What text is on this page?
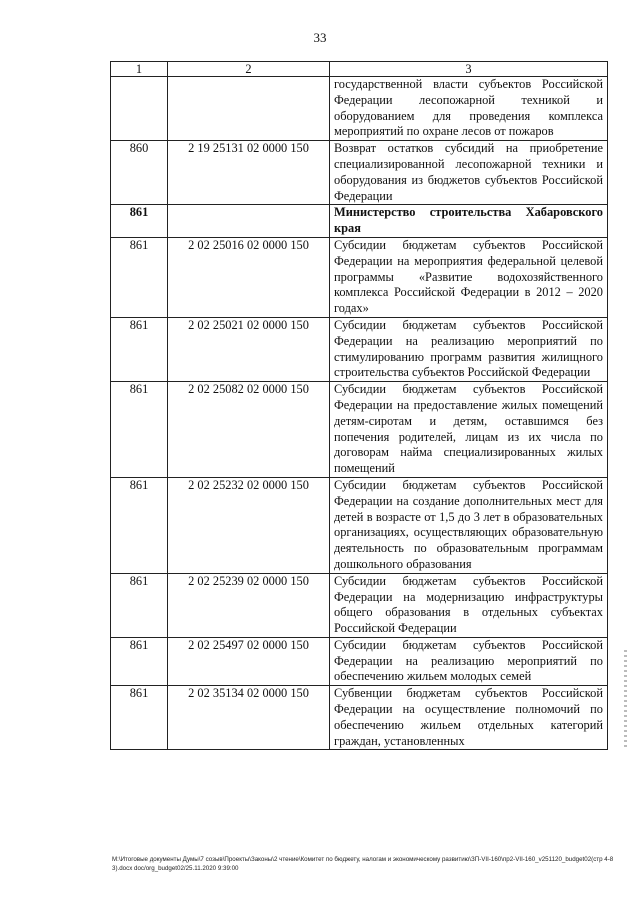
33
1	2	3
		государственной власти субъектов Российской Федерации лесопожарной техникой и оборудованием для проведения комплекса мероприятий по охране лесов от пожаров
860	2 19 25131 02 0000 150	Возврат остатков субсидий на приобретение специализированной лесопожарной техники и оборудования из бюджетов субъектов Российской Федерации
861		Министерство строительства Хабаровского края
861	2 02 25016 02 0000 150	Субсидии бюджетам субъектов Российской Федерации на мероприятия федеральной целевой программы «Развитие водохозяйственного комплекса Российской Федерации в 2012 – 2020 годах»
861	2 02 25021 02 0000 150	Субсидии бюджетам субъектов Российской Федерации на реализацию мероприятий по стимулированию программ развития жилищного строительства субъектов Российской Федерации
861	2 02 25082 02 0000 150	Субсидии бюджетам субъектов Российской Федерации на предоставление жилых помещений детям-сиротам и детям, оставшимся без попечения родителей, лицам из их числа по договорам найма специализированных жилых помещений
861	2 02 25232 02 0000 150	Субсидии бюджетам субъектов Российской Федерации на создание дополнительных мест для детей в возрасте от 1,5 до 3 лет в образовательных организациях, осуществляющих образовательную деятельность по образовательным программам дошкольного образования
861	2 02 25239 02 0000 150	Субсидии бюджетам субъектов Российской Федерации на модернизацию инфраструктуры общего образования в отдельных субъектах Российской Федерации
861	2 02 25497 02 0000 150	Субсидии бюджетам субъектов Российской Федерации на реализацию мероприятий по обеспечению жильем молодых семей
861	2 02 35134 02 0000 150	Субвенции бюджетам субъектов Российской Федерации на осуществление полномочий по обеспечению жильем отдельных категорий граждан, установленных
М:\Итоговые документы Думы\7 созыв\Проекты\Законы\2 чтение\Комитет по бюджету, налогам и экономическому развитию\ЗП-VII-160\пр2-VII-160_v251120_budget02(стр 4-83).docx doc/org_budget02/25.11.2020 9:39:00
